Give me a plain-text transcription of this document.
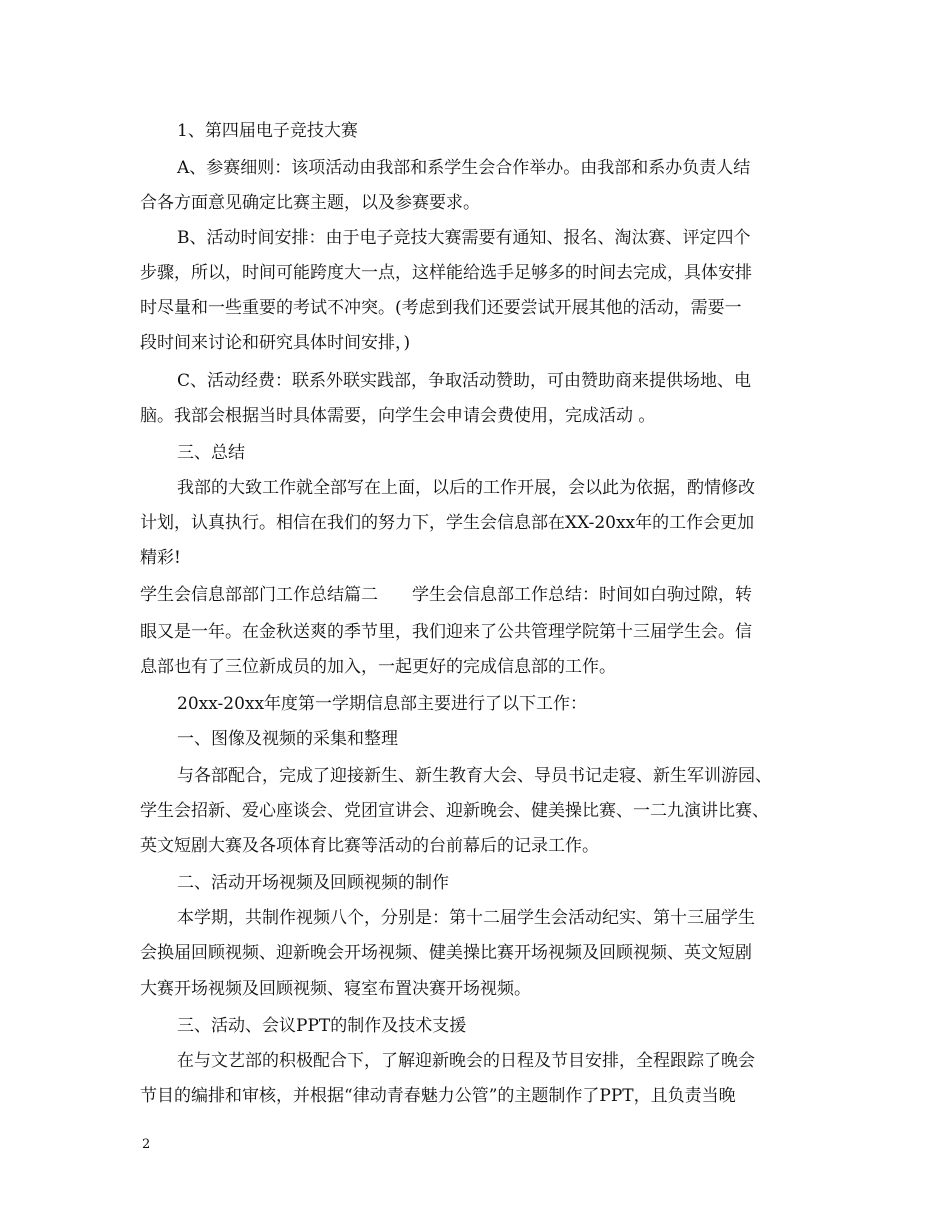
1、第四届电子竞技大赛
A、参赛细则：该项活动由我部和系学生会合作举办。由我部和系办负责人结
合各方面意见确定比赛主题，以及参赛要求。
B、活动时间安排：由于电子竞技大赛需要有通知、报名、淘汰赛、评定四个
步骤，所以，时间可能跨度大一点，这样能给选手足够多的时间去完成，具体安排
时尽量和一些重要的考试不冲突。(考虑到我们还要尝试开展其他的活动，需要一
段时间来讨论和研究具体时间安排，)
C、活动经费：联系外联实践部，争取活动赞助，可由赞助商来提供场地、电
脑。我部会根据当时具体需要，向学生会申请会费使用，完成活动 。
三、总结
我部的大致工作就全部写在上面，以后的工作开展，会以此为依据，酌情修改
计划，认真执行。相信在我们的努力下，学生会信息部在XX-20xx年的工作会更加
精彩!
学生会信息部部门工作总结篇二　　学生会信息部工作总结：时间如白驹过隙，转
眼又是一年。在金秋送爽的季节里，我们迎来了公共管理学院第十三届学生会。信
息部也有了三位新成员的加入，一起更好的完成信息部的工作。
20xx-20xx年度第一学期信息部主要进行了以下工作：
一、图像及视频的采集和整理
与各部配合，完成了迎接新生、新生教育大会、导员书记走寝、新生军训游园、
学生会招新、爱心座谈会、党团宣讲会、迎新晚会、健美操比赛、一二九演讲比赛、
英文短剧大赛及各项体育比赛等活动的台前幕后的记录工作。
二、活动开场视频及回顾视频的制作
本学期，共制作视频八个，分别是：第十二届学生会活动纪实、第十三届学生
会换届回顾视频、迎新晚会开场视频、健美操比赛开场视频及回顾视频、英文短剧
大赛开场视频及回顾视频、寝室布置决赛开场视频。
三、活动、会议PPT的制作及技术支援
在与文艺部的积极配合下，了解迎新晚会的日程及节目安排，全程跟踪了晚会
节目的编排和审核，并根据“律动青春魅力公管”的主题制作了PPT，且负责当晚
2
